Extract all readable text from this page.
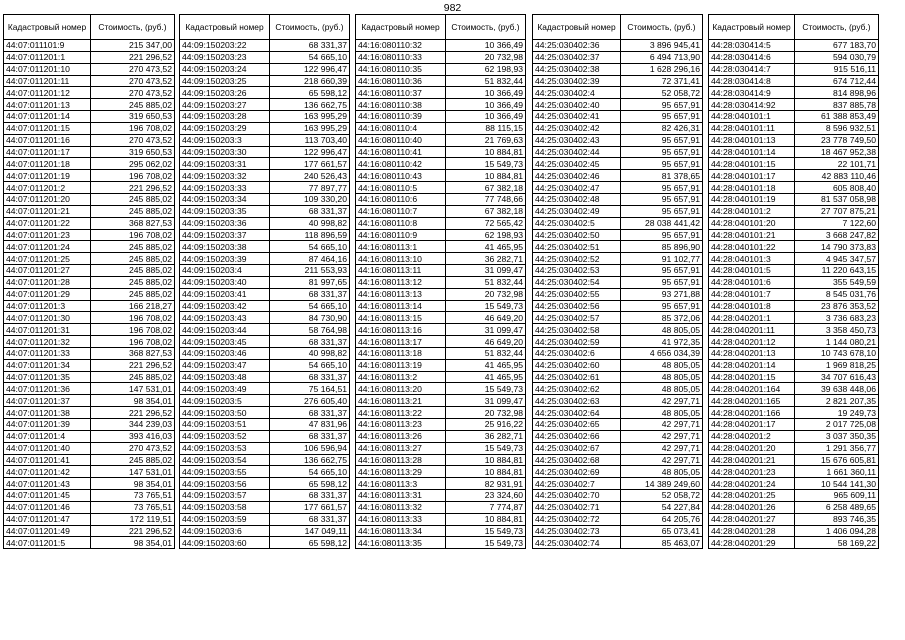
982
Кадастровый номер	Стоимость, (руб.)
44:07:011101:9	215 347,00
44:07:011201:1	221 296,52
44:07:011201:10	270 473,52
44:07:011201:11	270 473,52
44:07:011201:12	270 473,52
44:07:011201:13	245 885,02
44:07:011201:14	319 650,53
44:07:011201:15	196 708,02
44:07:011201:16	270 473,52
44:07:011201:17	319 650,53
44:07:011201:18	295 062,02
44:07:011201:19	196 708,02
44:07:011201:2	221 296,52
44:07:011201:20	245 885,02
44:07:011201:21	245 885,02
44:07:011201:22	368 827,53
44:07:011201:23	196 708,02
44:07:011201:24	245 885,02
44:07:011201:25	245 885,02
44:07:011201:27	245 885,02
44:07:011201:28	245 885,02
44:07:011201:29	245 885,02
44:07:011201:3	166 218,27
44:07:011201:30	196 708,02
44:07:011201:31	196 708,02
44:07:011201:32	196 708,02
44:07:011201:33	368 827,53
44:07:011201:34	221 296,52
44:07:011201:35	245 885,02
44:07:011201:36	147 531,01
44:07:011201:37	98 354,01
44:07:011201:38	221 296,52
44:07:011201:39	344 239,03
44:07:011201:4	393 416,03
44:07:011201:40	270 473,52
44:07:011201:41	245 885,02
44:07:011201:42	147 531,01
44:07:011201:43	98 354,01
44:07:011201:45	73 765,51
44:07:011201:46	73 765,51
44:07:011201:47	172 119,51
44:07:011201:49	221 296,52
44:07:011201:5	98 354,01
Кадастровый номер	Стоимость, (руб.)
44:09:150203:22	68 331,37
44:09:150203:23	54 665,10
44:09:150203:24	122 996,47
44:09:150203:25	218 660,39
44:09:150203:26	65 598,12
44:09:150203:27	136 662,75
44:09:150203:28	163 995,29
44:09:150203:29	163 995,29
44:09:150203:3	113 703,40
44:09:150203:30	122 996,47
44:09:150203:31	177 661,57
44:09:150203:32	240 526,43
44:09:150203:33	77 897,77
44:09:150203:34	109 330,20
44:09:150203:35	68 331,37
44:09:150203:36	40 998,82
44:09:150203:37	118 896,59
44:09:150203:38	54 665,10
44:09:150203:39	87 464,16
44:09:150203:4	211 553,93
44:09:150203:40	81 997,65
44:09:150203:41	68 331,37
44:09:150203:42	54 665,10
44:09:150203:43	84 730,90
44:09:150203:44	58 764,98
44:09:150203:45	68 331,37
44:09:150203:46	40 998,82
44:09:150203:47	54 665,10
44:09:150203:48	68 331,37
44:09:150203:49	75 164,51
44:09:150203:5	276 605,40
44:09:150203:50	68 331,37
44:09:150203:51	47 831,96
44:09:150203:52	68 331,37
44:09:150203:53	106 596,94
44:09:150203:54	136 662,75
44:09:150203:55	54 665,10
44:09:150203:56	65 598,12
44:09:150203:57	68 331,37
44:09:150203:58	177 661,57
44:09:150203:59	68 331,37
44:09:150203:6	147 049,11
44:09:150203:60	65 598,12
Кадастровый номер	Стоимость, (руб.)
44:16:080110:32	10 366,49
44:16:080110:33	20 732,98
44:16:080110:35	62 198,93
44:16:080110:36	51 832,44
44:16:080110:37	10 366,49
44:16:080110:38	10 366,49
44:16:080110:39	10 366,49
44:16:080110:4	88 115,15
44:16:080110:40	21 769,63
44:16:080110:41	10 884,81
44:16:080110:42	15 549,73
44:16:080110:43	10 884,81
44:16:080110:5	67 382,18
44:16:080110:6	77 748,66
44:16:080110:7	67 382,18
44:16:080110:8	72 565,42
44:16:080110:9	62 198,93
44:16:080113:1	41 465,95
44:16:080113:10	36 282,71
44:16:080113:11	31 099,47
44:16:080113:12	51 832,44
44:16:080113:13	20 732,98
44:16:080113:14	15 549,73
44:16:080113:15	46 649,20
44:16:080113:16	31 099,47
44:16:080113:17	46 649,20
44:16:080113:18	51 832,44
44:16:080113:19	41 465,95
44:16:080113:2	41 465,95
44:16:080113:20	15 549,73
44:16:080113:21	31 099,47
44:16:080113:22	20 732,98
44:16:080113:23	25 916,22
44:16:080113:26	36 282,71
44:16:080113:27	15 549,73
44:16:080113:28	10 884,81
44:16:080113:29	10 884,81
44:16:080113:3	82 931,91
44:16:080113:31	23 324,60
44:16:080113:32	7 774,87
44:16:080113:33	10 884,81
44:16:080113:34	15 549,73
44:16:080113:35	15 549,73
Кадастровый номер	Стоимость, (руб.)
44:25:030402:36	3 896 945,41
44:25:030402:37	6 494 713,90
44:25:030402:38	1 628 296,16
44:25:030402:39	72 371,41
44:25:030402:4	52 058,72
44:25:030402:40	95 657,91
44:25:030402:41	95 657,91
44:25:030402:42	82 426,31
44:25:030402:43	95 657,91
44:25:030402:44	95 657,91
44:25:030402:45	95 657,91
44:25:030402:46	81 378,65
44:25:030402:47	95 657,91
44:25:030402:48	95 657,91
44:25:030402:49	95 657,91
44:25:030402:5	28 038 441,42
44:25:030402:50	95 657,91
44:25:030402:51	85 896,90
44:25:030402:52	91 102,77
44:25:030402:53	95 657,91
44:25:030402:54	95 657,91
44:25:030402:55	93 271,88
44:25:030402:56	95 657,91
44:25:030402:57	85 372,06
44:25:030402:58	48 805,05
44:25:030402:59	41 972,35
44:25:030402:6	4 656 034,39
44:25:030402:60	48 805,05
44:25:030402:61	48 805,05
44:25:030402:62	48 805,05
44:25:030402:63	42 297,71
44:25:030402:64	48 805,05
44:25:030402:65	42 297,71
44:25:030402:66	42 297,71
44:25:030402:67	42 297,71
44:25:030402:68	42 297,71
44:25:030402:69	48 805,05
44:25:030402:7	14 389 249,60
44:25:030402:70	52 058,72
44:25:030402:71	54 227,84
44:25:030402:72	64 205,76
44:25:030402:73	65 073,41
44:25:030402:74	85 463,07
Кадастровый номер	Стоимость, (руб.)
44:28:030414:5	677 183,70
44:28:030414:6	594 030,79
44:28:030414:7	915 516,11
44:28:030414:8	674 712,44
44:28:030414:9	814 898,96
44:28:030414:92	837 885,78
44:28:040101:1	61 388 853,49
44:28:040101:11	8 596 932,51
44:28:040101:13	23 778 749,50
44:28:040101:14	18 467 952,38
44:28:040101:15	22 101,71
44:28:040101:17	42 883 110,46
44:28:040101:18	605 808,40
44:28:040101:19	81 537 058,98
44:28:040101:2	27 707 875,21
44:28:040101:20	7 122,60
44:28:040101:21	3 668 247,82
44:28:040101:22	14 790 373,83
44:28:040101:3	4 945 347,57
44:28:040101:5	11 220 643,15
44:28:040101:6	355 549,59
44:28:040101:7	8 545 031,76
44:28:040101:8	23 876 353,52
44:28:040201:1	3 736 683,23
44:28:040201:11	3 358 450,73
44:28:040201:12	1 144 080,21
44:28:040201:13	10 743 678,10
44:28:040201:14	1 969 818,25
44:28:040201:15	34 707 616,43
44:28:040201:164	39 638 448,06
44:28:040201:165	2 821 207,35
44:28:040201:166	19 249,73
44:28:040201:17	2 017 725,08
44:28:040201:2	3 037 350,35
44:28:040201:20	1 291 356,77
44:28:040201:21	15 676 605,81
44:28:040201:23	1 661 360,11
44:28:040201:24	10 544 141,30
44:28:040201:25	965 609,11
44:28:040201:26	6 258 489,65
44:28:040201:27	893 746,35
44:28:040201:28	1 406 094,28
44:28:040201:29	58 169,22
